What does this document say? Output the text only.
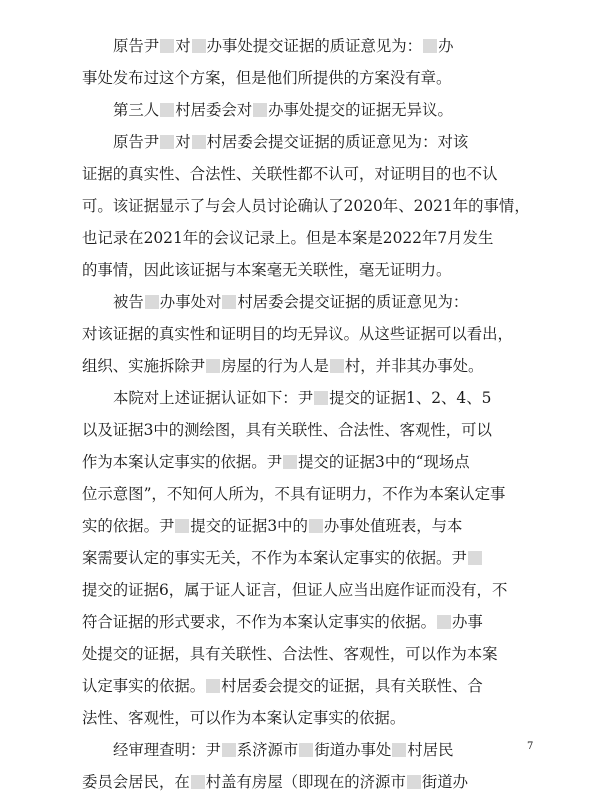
原告尹 对 办事处提交证据的质证意见为： 办
事处发布过这个方案，但是他们所提供的方案没有章。
第三人 村居委会对 办事处提交的证据无异议。
原告尹 对 村居委会提交证据的质证意见为：对该
证据的真实性、合法性、关联性都不认可，对证明目的也不认
可。该证据显示了与会人员讨论确认了2020年、2021年的事情，
也记录在2021年的会议记录上。但是本案是2022年7月发生
的事情，因此该证据与本案毫无关联性，毫无证明力。
被告 办事处对 村居委会提交证据的质证意见为：
对该证据的真实性和证明目的均无异议。从这些证据可以看出，
组织、实施拆除尹 房屋的行为人是 村，并非其办事处。
本院对上述证据认证如下：尹 提交的证据1、2、4、5
以及证据3中的测绘图，具有关联性、合法性、客观性，可以
作为本案认定事实的依据。尹 提交的证据3中的“现场点
位示意图”，不知何人所为，不具有证明力，不作为本案认定事
实的依据。尹 提交的证据3中的 办事处值班表，与本
案需要认定的事实无关，不作为本案认定事实的依据。尹
提交的证据6，属于证人证言，但证人应当出庭作证而没有，不
符合证据的形式要求，不作为本案认定事实的依据。 办事
处提交的证据，具有关联性、合法性、客观性，可以作为本案
认定事实的依据。 村居委会提交的证据，具有关联性、合
法性、客观性，可以作为本案认定事实的依据。
经审理查明：尹 系济源市 街道办事处 村居民
委员会居民，在 村盖有房屋（即现在的济源市 街道办
7
